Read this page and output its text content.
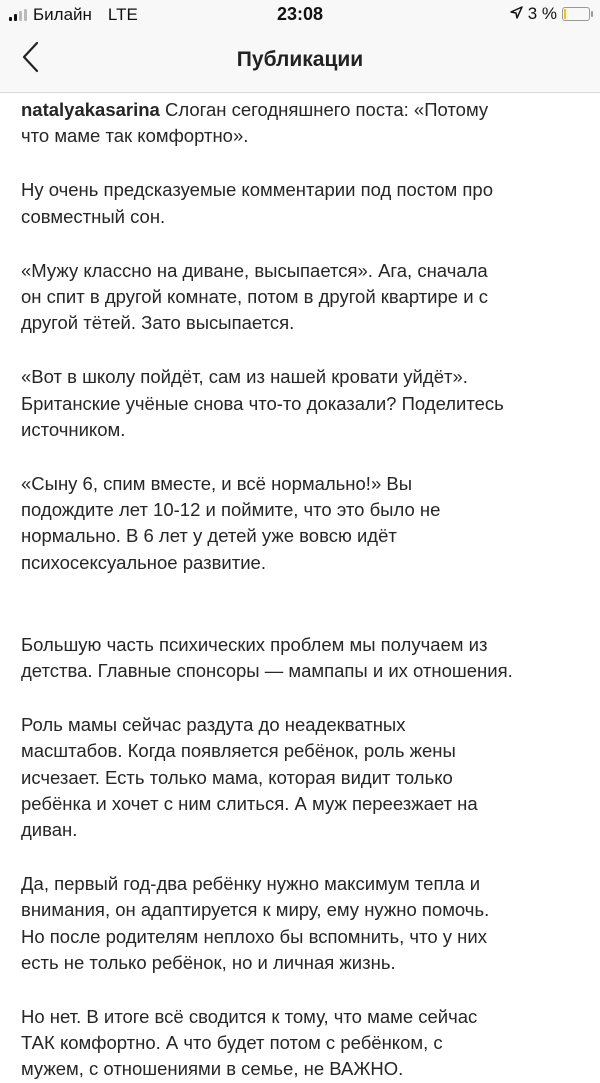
Билайн LTE	23:08	3 %
Публикации
natalyakasarina Слоган сегодняшнего поста: «Потому
что маме так комфортно».
Ну очень предсказуемые комментарии под постом про
совместный сон.
«Мужу классно на диване, высыпается». Ага, сначала
он спит в другой комнате, потом в другой квартире и с
другой тётей. Зато высыпается.
«Вот в школу пойдёт, сам из нашей кровати уйдёт».
Британские учёные снова что-то доказали? Поделитесь
источником.
«Сыну 6, спим вместе, и всё нормально!» Вы
подождите лет 10-12 и поймите, что это было не
нормально. В 6 лет у детей уже вовсю идёт
психосексуальное развитие.
Большую часть психических проблем мы получаем из
детства. Главные спонсоры — мампапы и их отношения.
Роль мамы сейчас раздута до неадекватных
масштабов. Когда появляется ребёнок, роль жены
исчезает. Есть только мама, которая видит только
ребёнка и хочет с ним слиться. А муж переезжает на
диван.
Да, первый год-два ребёнку нужно максимум тепла и
внимания, он адаптируется к миру, ему нужно помочь.
Но после родителям неплохо бы вспомнить, что у них
есть не только ребёнок, но и личная жизнь.
Но нет. В итоге всё сводится к тому, что маме сейчас
ТАК комфортно. А что будет потом с ребёнком, с
мужем, с отношениями в семье, не ВАЖНО.
